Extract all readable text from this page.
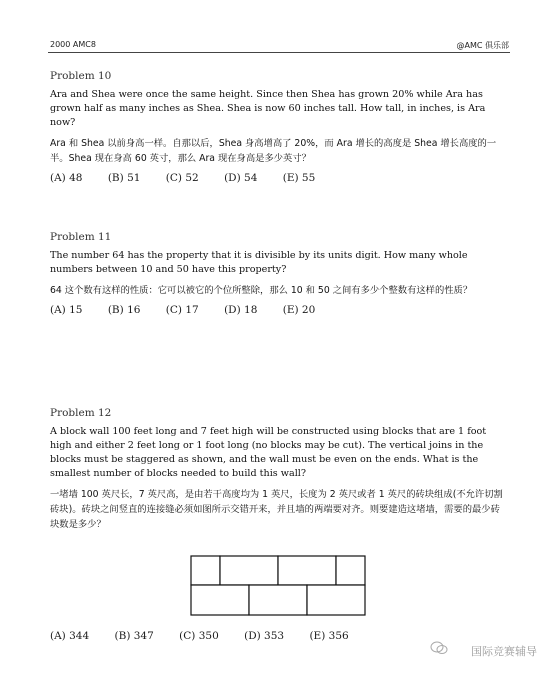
2000 AMC8	@AMC 俱乐部

Problem 10

Ara and Shea were once the same height. Since then Shea has grown 20% while Ara has grown half as many inches as Shea. Shea is now 60 inches tall. How tall, in inches, is Ara now?

Ara 和 Shea 以前身高一样。自那以后，Shea 身高增高了 20%，而 Ara 增长的高度是 Shea 增长高度的一半。Shea 现在身高 60 英寸，那么 Ara 现在身高是多少英寸？

(A) 48 (B) 51 (C) 52 (D) 54 (E) 55

Problem 11

The number 64 has the property that it is divisible by its units digit. How many whole numbers between 10 and 50 have this property?

64 这个数有这样的性质：它可以被它的个位所整除，那么 10 和 50 之间有多少个整数有这样的性质？

(A) 15 (B) 16 (C) 17 (D) 18 (E) 20

Problem 12

A block wall 100 feet long and 7 feet high will be constructed using blocks that are 1 foot high and either 2 feet long or 1 foot long (no blocks may be cut). The vertical joins in the blocks must be staggered as shown, and the wall must be even on the ends. What is the smallest number of blocks needed to build this wall?

一堵墙 100 英尺长，7 英尺高，是由若干高度均为 1 英尺，长度为 2 英尺或者 1 英尺的砖块组成(不允许切割砖块)。砖块之间竖直的连接缝必须如图所示交错开来，并且墙的两端要对齐。则要建造这堵墙，需要的最少砖块数是多少？

(A) 344 (B) 347 (C) 350 (D) 353 (E) 356
国际竞赛辅导
